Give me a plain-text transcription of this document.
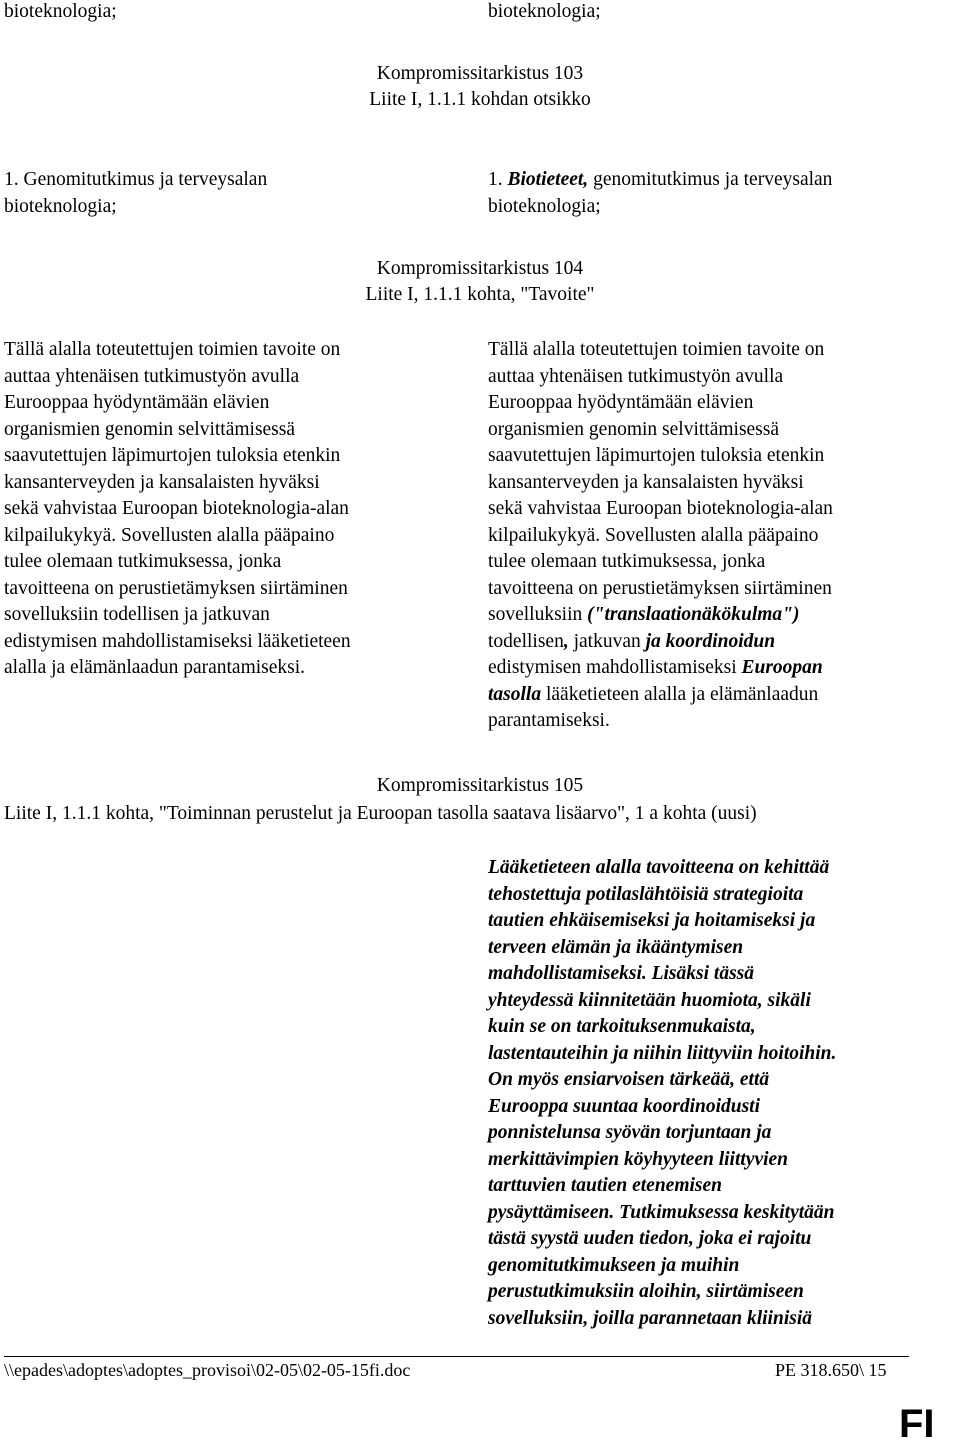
bioteknologia;	bioteknologia;
Kompromissitarkistus 103
Liite I, 1.1.1 kohdan otsikko
1. Genomitutkimus ja terveysalan
bioteknologia;
1. Biotieteet, genomitutkimus ja terveysalan
bioteknologia;
Kompromissitarkistus 104
Liite I, 1.1.1 kohta, "Tavoite"
Tällä alalla toteutettujen toimien tavoite on
auttaa yhtenäisen tutkimustyön avulla
Eurooppaa hyödyntämään elävien
organismien genomin selvittämisessä
saavutettujen läpimurtojen tuloksia etenkin
kansanterveyden ja kansalaisten hyväksi
sekä vahvistaa Euroopan bioteknologia-alan
kilpailukykyä. Sovellusten alalla pääpaino
tulee olemaan tutkimuksessa, jonka
tavoitteena on perustietämyksen siirtäminen
sovelluksiin todellisen ja jatkuvan
edistymisen mahdollistamiseksi lääketieteen
alalla ja elämänlaadun parantamiseksi.
Tällä alalla toteutettujen toimien tavoite on
auttaa yhtenäisen tutkimustyön avulla
Eurooppaa hyödyntämään elävien
organismien genomin selvittämisessä
saavutettujen läpimurtojen tuloksia etenkin
kansanterveyden ja kansalaisten hyväksi
sekä vahvistaa Euroopan bioteknologia-alan
kilpailukykyä. Sovellusten alalla pääpaino
tulee olemaan tutkimuksessa, jonka
tavoitteena on perustietämyksen siirtäminen
sovelluksiin ("translaationäkökulma")
todellisen, jatkuvan ja koordinoidun
edistymisen mahdollistamiseksi Euroopan
tasolla lääketieteen alalla ja elämänlaadun
parantamiseksi.
Kompromissitarkistus 105
Liite I, 1.1.1 kohta, "Toiminnan perustelut ja Euroopan tasolla saatava lisäarvo", 1 a kohta (uusi)
Lääketieteen alalla tavoitteena on kehittää
tehostettuja potilaslähtöisiä strategioita
tautien ehkäisemiseksi ja hoitamiseksi ja
terveen elämän ja ikääntymisen
mahdollistamiseksi. Lisäksi tässä
yhteydessä kiinnitetään huomiota, sikäli
kuin se on tarkoituksenmukaista,
lastentauteihin ja niihin liittyviin hoitoihin.
On myös ensiarvoisen tärkeää, että
Eurooppa suuntaa koordinoidusti
ponnistelunsa syövän torjuntaan ja
merkittävimpien köyhyyteen liittyvien
tarttuvien tautien etenemisen
pysäyttämiseen. Tutkimuksessa keskitytään
tästä syystä uuden tiedon, joka ei rajoitu
genomitutkimukseen ja muihin
perustutkimuksiin aloihin, siirtämiseen
sovelluksiin, joilla parannetaan kliinisiä
\\epades\adoptes\adoptes_provisoi\02-05\02-05-15fi.doc	PE 318.650\ 15
FI
